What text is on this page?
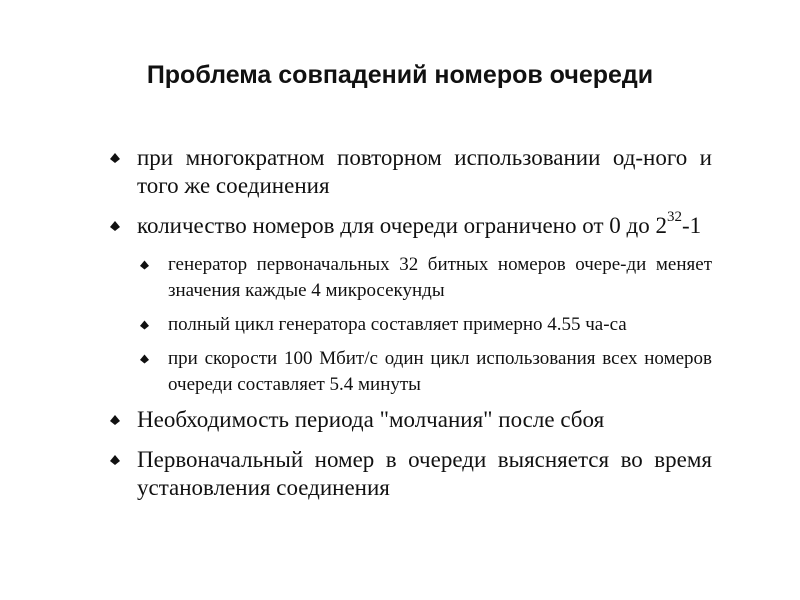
Проблема совпадений номеров очереди
при многократном повторном использовании од-ного и того же соединения
количество номеров для очереди ограничено от 0 до $2^{32}-1$
генератор первоначальных 32 битных номеров очере-ди меняет значения каждые 4 микросекунды
полный цикл генератора составляет примерно 4.55 ча-са
при скорости 100 Мбит/с один цикл использования всех номеров очереди составляет 5.4 минуты
Необходимость периода "молчания" после сбоя
Первоначальный номер в очереди выясняется во время установления соединения
